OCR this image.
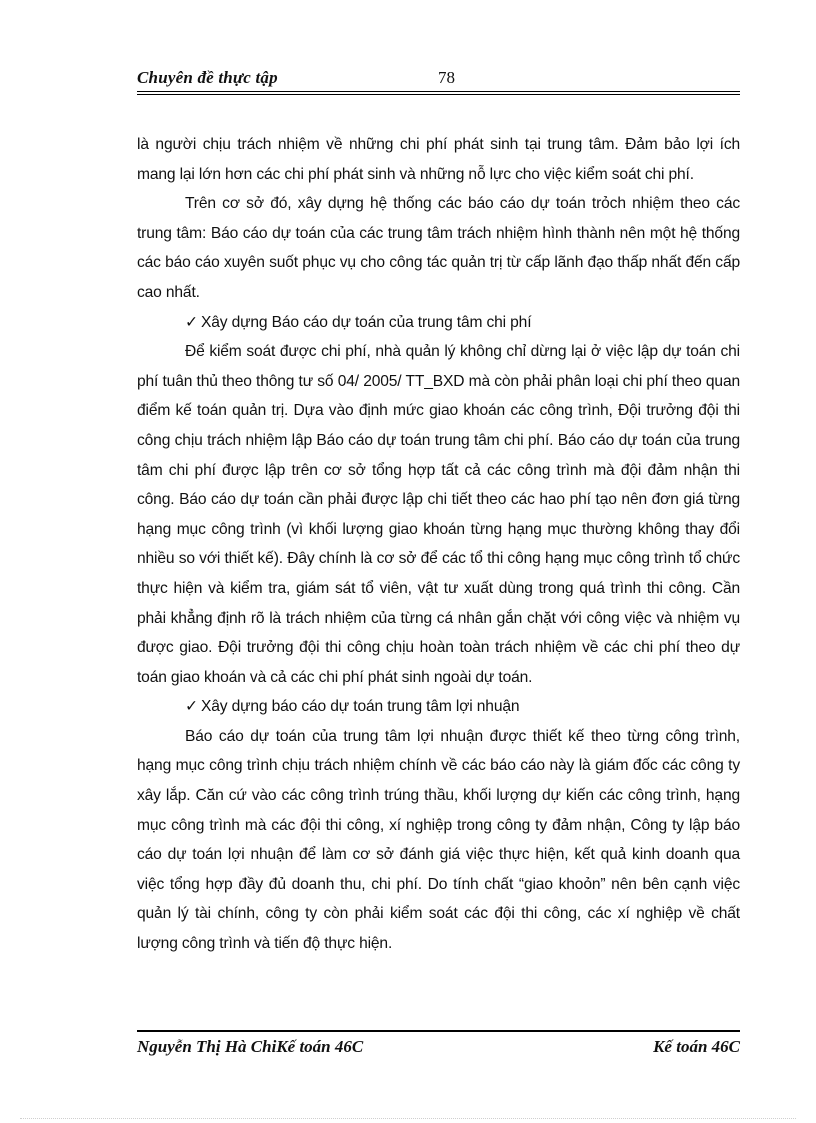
Chuyên đề thực tập	78

là người chịu trách nhiệm về những chi phí phát sinh tại trung tâm. Đảm bảo lợi ích mang lại lớn hơn các chi phí phát sinh và những nỗ lực cho việc kiểm soát chi phí.

Trên cơ sở đó, xây dựng hệ thống các báo cáo dự toán trỏch nhiệm theo các trung tâm: Báo cáo dự toán của các trung tâm trách nhiệm hình thành nên một hệ thống các báo cáo xuyên suốt phục vụ cho công tác quản trị từ cấp lãnh đạo thấp nhất đến cấp cao nhất.

✓ Xây dựng Báo cáo dự toán của trung tâm chi phí

Để kiểm soát được chi phí, nhà quản lý không chỉ dừng lại ở việc lập dự toán chi phí tuân thủ theo thông tư số 04/ 2005/ TT_BXD mà còn phải phân loại chi phí theo quan điểm kế toán quản trị. Dựa vào định mức giao khoán các công trình, Đội trưởng đội thi công chịu trách nhiệm lập Báo cáo dự toán trung tâm chi phí. Báo cáo dự toán của trung tâm chi phí được lập trên cơ sở tổng hợp tất cả các công trình mà đội đảm nhận thi công. Báo cáo dự toán cần phải được lập chi tiết theo các hao phí tạo nên đơn giá từng hạng mục công trình (vì khối lượng giao khoán từng hạng mục thường không thay đổi nhiều so với thiết kế). Đây chính là cơ sở để các tổ thi công hạng mục công trình tổ chức thực hiện và kiểm tra, giám sát tổ viên, vật tư xuất dùng trong quá trình thi công. Cần phải khẳng định rõ là trách nhiệm của từng cá nhân gắn chặt với công việc và nhiệm vụ được giao. Đội trưởng đội thi công chịu hoàn toàn trách nhiệm về các chi phí theo dự toán giao khoán và cả các chi phí phát sinh ngoài dự toán.

✓ Xây dựng báo cáo dự toán trung tâm lợi nhuận

Báo cáo dự toán của trung tâm lợi nhuận được thiết kế theo từng công trình, hạng mục công trình chịu trách nhiệm chính về các báo cáo này là giám đốc các công ty xây lắp. Căn cứ vào các công trình trúng thầu, khối lượng dự kiến các công trình, hạng mục công trình mà các đội thi công, xí nghiệp trong công ty đảm nhận, Công ty lập báo cáo dự toán lợi nhuận để làm cơ sở đánh giá việc thực hiện, kết quả kinh doanh qua việc tổng hợp đầy đủ doanh thu, chi phí. Do tính chất “giao khoỏn” nên bên cạnh việc quản lý tài chính, công ty còn phải kiểm soát các đội thi công, các xí nghiệp về chất lượng công trình và tiến độ thực hiện.

Nguyễn Thị Hà ChiKế toán 46C	Kế toán 46C
